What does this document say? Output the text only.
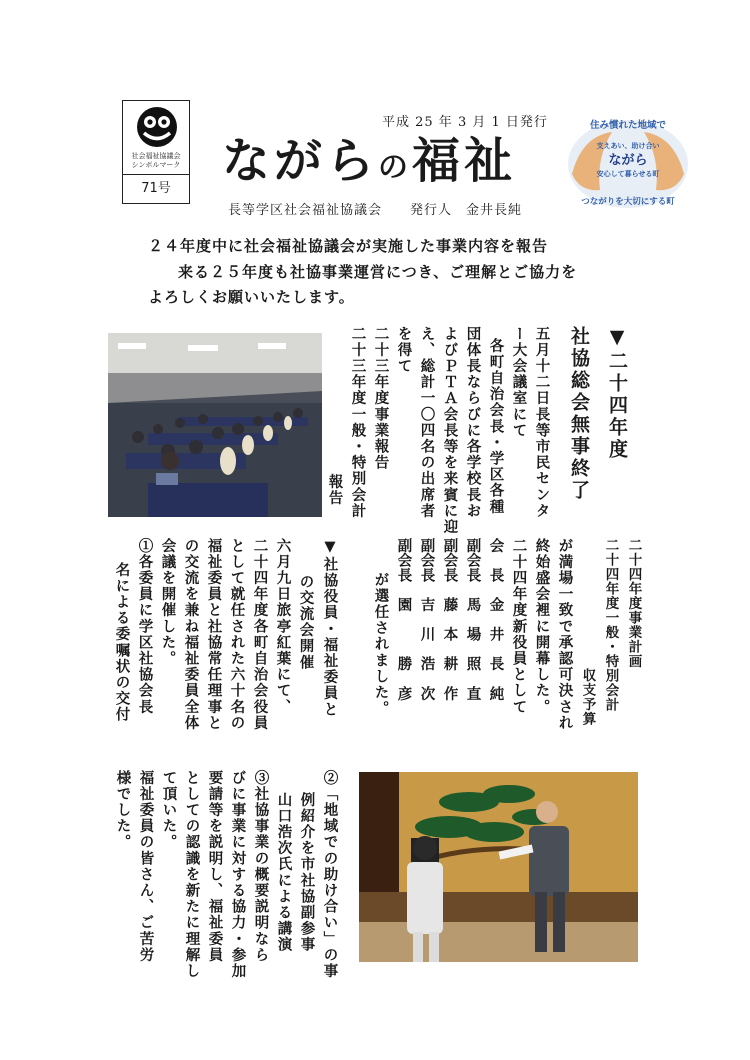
社会福祉協議会
シンボルマーク
71号
平成 25 年 3 月 1 日発行
ながらの福祉
長等学区社会福祉協議会　　発行人　金井長純
住み慣れた地域で
支えあい、助け合い
ながら
安心して暮らせる町
つながりを大切にする町
２４年度中に社会福祉協議会が実施した事業内容を報告
来る２５年度も社協事業運営につき、ご理解とご協力を
よろしくお願いいたします。
▼二十四年度
社協総会無事終了
五月十二日長等市民センタ
ー大会議室にて
各町自治会長・学区各種
団体長ならびに各学校長お
よびＰＴＡ会長等を来賓に迎
え、総計一〇四名の出席者
を得て
二十三年度事業報告
二十三年度一般・特別会計
報告
二十四年度事業計画
二十四年度一般・特別会計
収支予算
が満場一致で承認可決され
終始盛会裡に開幕した。
二十四年度新役員として
会　長　金　井　長　純
副会長　馬　場　照　直
副会長　藤　本　耕　作
副会長　吉　川　浩　次
副会長　園　　　勝　彦
が選任されました。
▼社協役員・福祉委員と
の交流会開催
六月九日旅亭紅葉にて、
二十四年度各町自治会役員
として就任された六十名の
福祉委員と社協常任理事と
の交流を兼ね福祉委員全体
会議を開催した。
①各委員に学区社協会長
名による委嘱状の交付
②「地域での助け合い」の事
例紹介を市社協副参事
山口浩次氏による講演
③社協事業の概要説明なら
びに事業に対する協力・参加
要請等を説明し、福祉委員
としての認識を新たに理解し
て頂いた。
福祉委員の皆さん、ご苦労
様でした。
